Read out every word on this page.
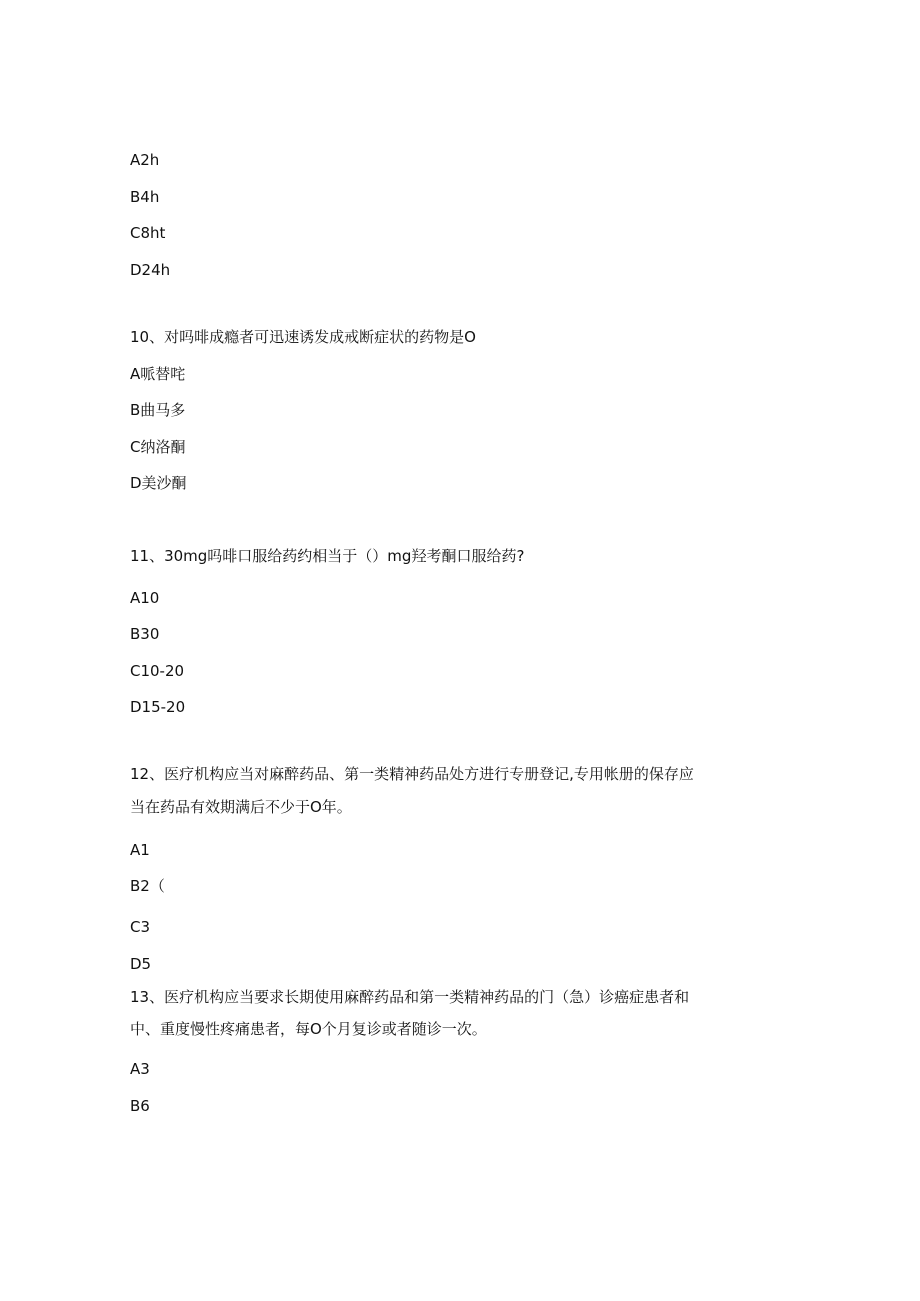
A2h
B4h
C8ht
D24h
10、对吗啡成瘾者可迅速诱发成戒断症状的药物是O
A哌替咤
B曲马多
C纳洛酮
D美沙酮
11、30mg吗啡口服给药约相当于（）mg羟考酮口服给药?
A10
B30
C10-20
D15-20
12、医疗机构应当对麻醉药品、第一类精神药品处方进行专册登记,专用帐册的保存应
当在药品有效期满后不少于O年。
A1
B2（
C3
D5
13、医疗机构应当要求长期使用麻醉药品和第一类精神药品的门（急）诊癌症患者和
中、重度慢性疼痛患者，每O个月复诊或者随诊一次。
A3
B6
